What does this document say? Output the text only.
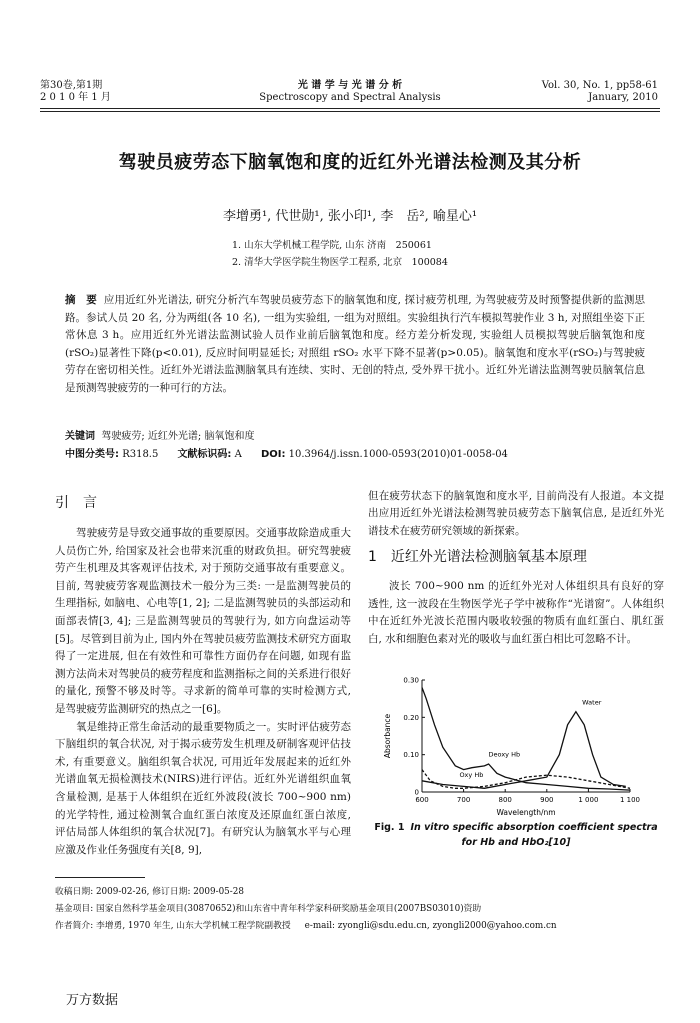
第30卷,第1期
2 0 1 0 年 1 月
光 谱 学 与 光 谱 分 析
Spectroscopy and Spectral Analysis
Vol. 30, No. 1, pp58-61
January, 2010
驾驶员疲劳态下脑氧饱和度的近红外光谱法检测及其分析
李增勇¹, 代世勋¹, 张小印¹, 李　岳², 喻星心¹
1. 山东大学机械工程学院, 山东 济南　250061
2. 清华大学医学院生物医学工程系, 北京　100084
摘　要 应用近红外光谱法, 研究分析汽车驾驶员疲劳态下的脑氧饱和度, 探讨疲劳机理, 为驾驶疲劳及时预警提供新的监测思路。参试人员 20 名, 分为两组(各 10 名), 一组为实验组, 一组为对照组。实验组执行汽车模拟驾驶作业 3 h, 对照组坐姿下正常休息 3 h。应用近红外光谱法监测试验人员作业前后脑氧饱和度。经方差分析发现, 实验组人员模拟驾驶后脑氧饱和度(rSO₂)显著性下降(p<0.01), 反应时间明显延长; 对照组 rSO₂ 水平下降不显著(p>0.05)。脑氧饱和度水平(rSO₂)与驾驶疲劳存在密切相关性。近红外光谱法监测脑氧具有连续、实时、无创的特点, 受外界干扰小。近红外光谱法监测驾驶员脑氧信息是预测驾驶疲劳的一种可行的方法。
关键词 驾驶疲劳; 近红外光谱; 脑氧饱和度
中图分类号: R318.5 文献标识码: A DOI: 10.3964/j.issn.1000-0593(2010)01-0058-04
引　言

驾驶疲劳是导致交通事故的重要原因。交通事故除造成重大人员伤亡外, 给国家及社会也带来沉重的财政负担。研究驾驶疲劳产生机理及其客观评估技术, 对于预防交通事故有重要意义。目前, 驾驶疲劳客观监测技术一般分为三类: 一是监测驾驶员的生理指标, 如脑电、心电等[1, 2]; 二是监测驾驶员的头部运动和面部表情[3, 4]; 三是监测驾驶员的驾驶行为, 如方向盘运动等[5]。尽管到目前为止, 国内外在驾驶员疲劳监测技术研究方面取得了一定进展, 但在有效性和可靠性方面仍存在问题, 如现有监测方法尚未对驾驶员的疲劳程度和监测指标之间的关系进行很好的量化, 预警不够及时等。寻求新的简单可靠的实时检测方式, 是驾驶疲劳监测研究的热点之一[6]。

氧是维持正常生命活动的最重要物质之一。实时评估疲劳态下脑组织的氧合状况, 对于揭示疲劳发生机理及研制客观评估技术, 有重要意义。脑组织氧合状况, 可用近年发展起来的近红外光谱血氧无损检测技术(NIRS)进行评估。近红外光谱组织血氧含量检测, 是基于人体组织在近红外波段(波长 700~900 nm)的光学特性, 通过检测氧合血红蛋白浓度及还原血红蛋白浓度, 评估局部人体组织的氧合状况[7]。有研究认为脑氧水平与心理应激及作业任务强度有关[8, 9],

但在疲劳状态下的脑氧饱和度水平, 目前尚没有人报道。本文提出应用近红外光谱法检测驾驶员疲劳态下脑氧信息, 是近红外光谱技术在疲劳研究领域的新探索。

1　近红外光谱法检测脑氧基本原理

波长 700~900 nm 的近红外光对人体组织具有良好的穿透性, 这一波段在生物医学光子学中被称作“光谱窗”。人体组织中在近红外光波长范围内吸收较强的物质有血红蛋白、肌红蛋白, 水和细胞色素对光的吸收与血红蛋白相比可忽略不计。

600	700	800	900	1 000	1 100
0
0.10
0.20
0.30
Wavelength/nm
Absorbance
Water
Deoxy Hb
Oxy Hb
Fig. 1 In vitro specific absorption coefficient spectra for Hb and HbO₂[10]
收稿日期: 2009-02-26, 修订日期: 2009-05-28
基金项目: 国家自然科学基金项目(30870652)和山东省中青年科学家科研奖励基金项目(2007BS03010)资助
作者简介: 李增勇, 1970 年生, 山东大学机械工程学院副教授 e-mail: zyongli@sdu.edu.cn, zyongli2000@yahoo.com.cn
万方数据
